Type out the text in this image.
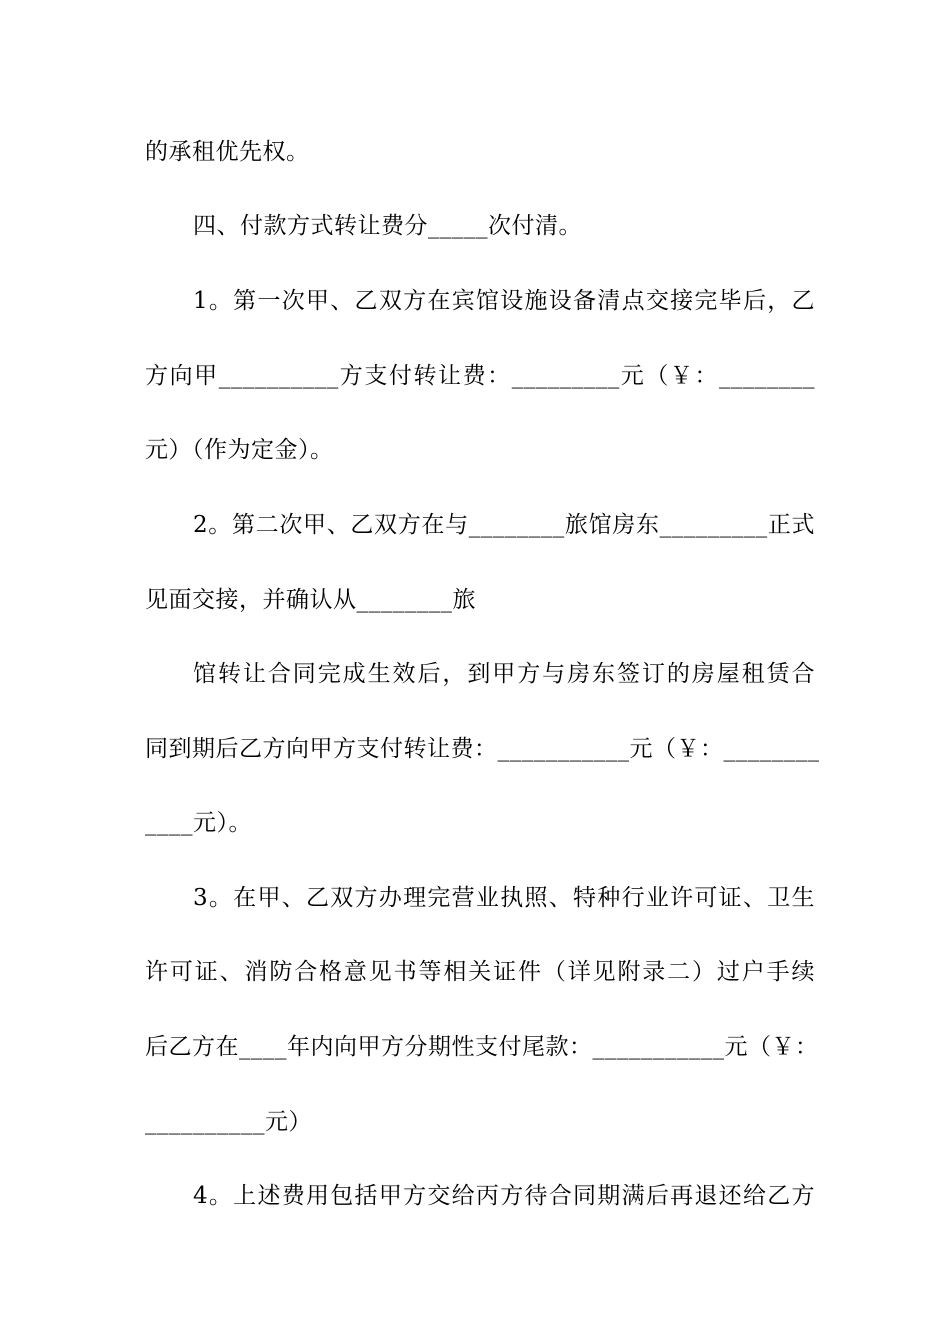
的承租优先权。
四、付款方式转让费分_____次付清。
1。第一次甲、乙双方在宾馆设施设备清点交接完毕后，乙
方向甲__________方支付转让费：_________元（￥：________
元）（作为定金）。
2。第二次甲、乙双方在与________旅馆房东_________正式
见面交接，并确认从________旅
馆转让合同完成生效后，到甲方与房东签订的房屋租赁合
同到期后乙方向甲方支付转让费：___________元（￥：________
____元）。
3。在甲、乙双方办理完营业执照、特种行业许可证、卫生
许可证、消防合格意见书等相关证件（详见附录二）过户手续
后乙方在____年内向甲方分期性支付尾款：___________元（￥：
__________元）
4。上述费用包括甲方交给丙方待合同期满后再退还给乙方
